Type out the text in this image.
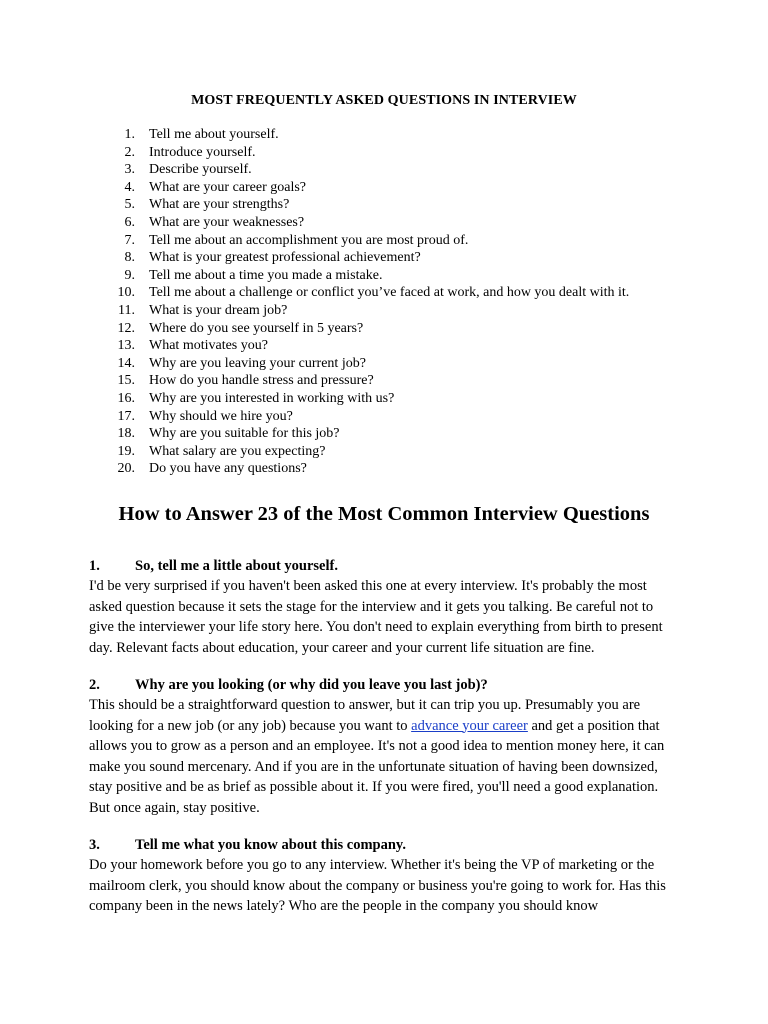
MOST FREQUENTLY ASKED QUESTIONS IN INTERVIEW
1. Tell me about yourself.
2. Introduce yourself.
3. Describe yourself.
4. What are your career goals?
5. What are your strengths?
6. What are your weaknesses?
7. Tell me about an accomplishment you are most proud of.
8. What is your greatest professional achievement?
9. Tell me about a time you made a mistake.
10. Tell me about a challenge or conflict you’ve faced at work, and how you dealt with it.
11. What is your dream job?
12. Where do you see yourself in 5 years?
13. What motivates you?
14. Why are you leaving your current job?
15. How do you handle stress and pressure?
16. Why are you interested in working with us?
17. Why should we hire you?
18. Why are you suitable for this job?
19. What salary are you expecting?
20. Do you have any questions?
How to Answer 23 of the Most Common Interview Questions
1. So, tell me a little about yourself.

I'd be very surprised if you haven't been asked this one at every interview. It's probably the most asked question because it sets the stage for the interview and it gets you talking. Be careful not to give the interviewer your life story here. You don't need to explain everything from birth to present day. Relevant facts about education, your career and your current life situation are fine.

2. Why are you looking (or why did you leave you last job)?

This should be a straightforward question to answer, but it can trip you up. Presumably you are looking for a new job (or any job) because you want to advance your career and get a position that allows you to grow as a person and an employee. It's not a good idea to mention money here, it can make you sound mercenary. And if you are in the unfortunate situation of having been downsized, stay positive and be as brief as possible about it. If you were fired, you'll need a good explanation. But once again, stay positive.

3. Tell me what you know about this company.

Do your homework before you go to any interview. Whether it's being the VP of marketing or the mailroom clerk, you should know about the company or business you're going to work for. Has this company been in the news lately? Who are the people in the company you should know
